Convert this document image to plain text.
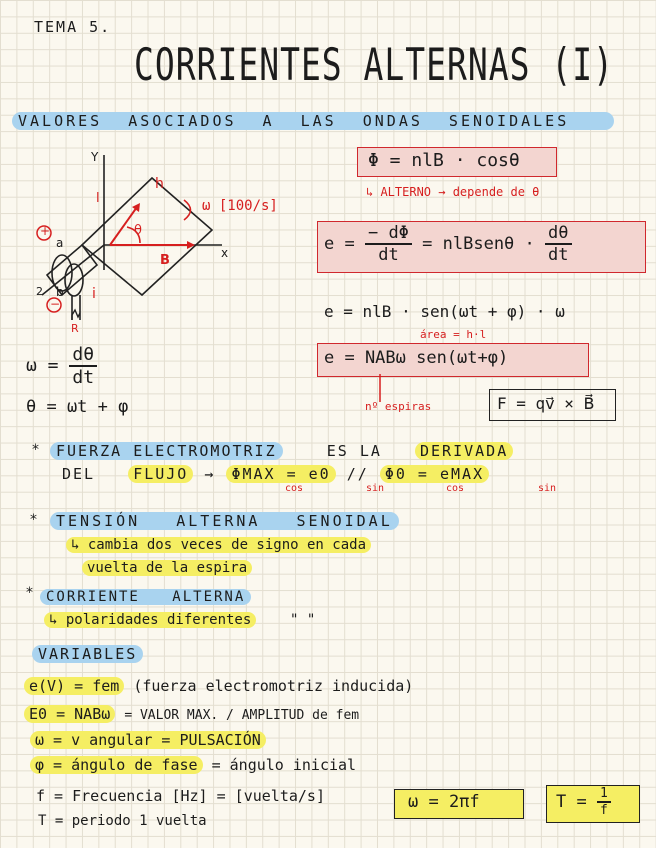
TEMA 5.
CORRIENTES ALTERNAS (I)
VALORES ASOCIADOS A LAS ONDAS SENOIDALES
Y
x
h
l
B
θ
a
b
2	i
R
+
−
ω [100/s]
$\omega = \frac{d\theta}{dt}$
θ = ωt + φ
Φ = nlB · cosθ
↳ ALTERNO → depende de θ
$e = \frac{- d\Phi}{dt}$ = nlBsenθ · $\frac{d\theta}{dt}$
e = nlB · sen(ωt + φ) · ω
área = h·l
e = NABω sen(ωt+φ)
nº espiras	F = qv⃗ × B⃗
*	FUERZA ELECTROMOTRIZ	ES LA	DERIVADA
DEL	FLUJO → ΦMAX = e0 // Φ0 = eMAX
cos	sin	cos	sin
*	TENSIÓN ALTERNA SENOIDAL
↳ cambia dos veces de signo en cada
vuelta de la espira
* CORRIENTE ALTERNA
↳ polaridades diferentes	" "
VARIABLES
e(V) = fem (fuerza electromotriz inducida)
E0 = NABω = VALOR MAX. / AMPLITUD de fem
ω = v angular = PULSACIÓN
φ = ángulo de fase = ángulo inicial
f = Frecuencia [Hz] = [vuelta/s]
T = periodo 1 vuelta
ω = 2πf	$T = \frac{1}{f}$
